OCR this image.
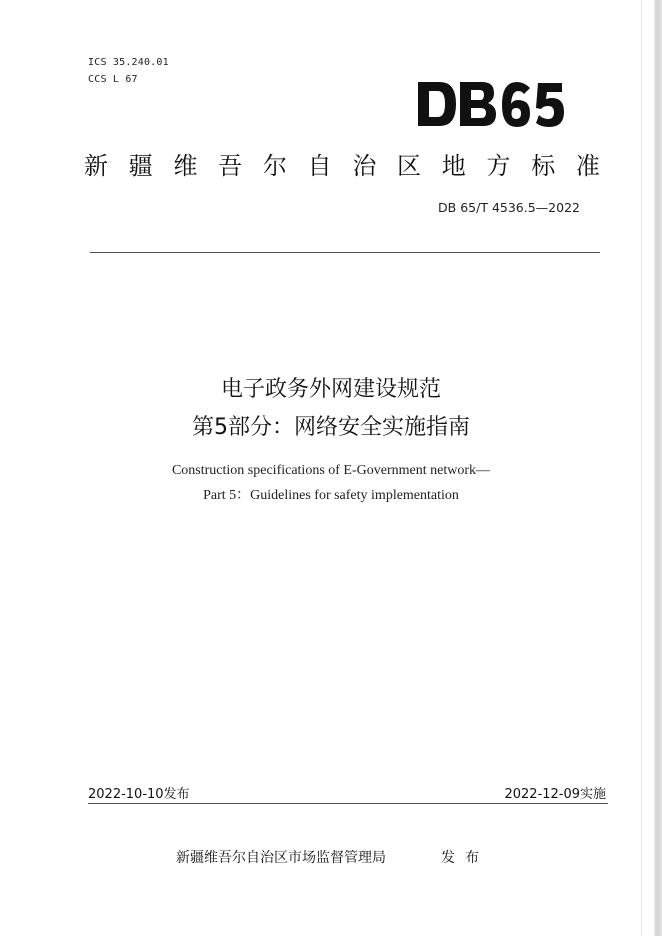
ICS 35.240.01
CCS L 67
新 疆 维 吾 尔 自 治 区 地 方 标 准
DB 65/T 4536.5—2022
电子政务外网建设规范
第5部分：网络安全实施指南
Construction specifications of E-Government network—
Part 5：Guidelines for safety implementation
2022-10-10发布	2022-12-09实施
新疆维吾尔自治区市场监督管理局	发布
